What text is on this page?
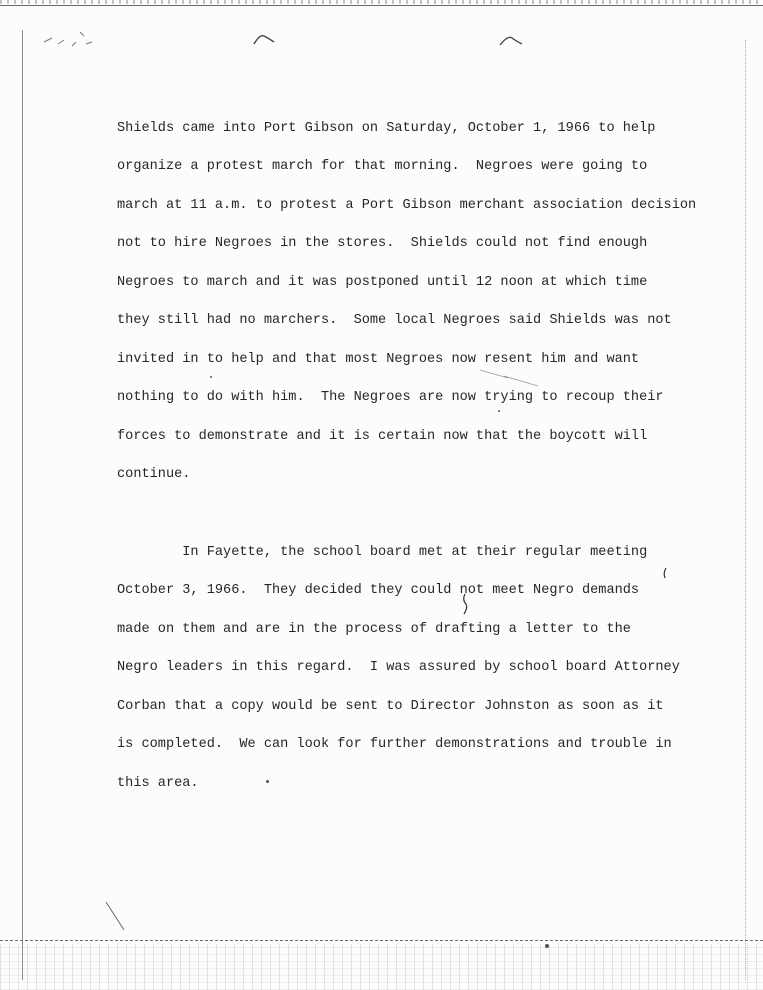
Shields came into Port Gibson on Saturday, October 1, 1966 to help

organize a protest march for that morning.  Negroes were going to

march at 11 a.m. to protest a Port Gibson merchant association decision

not to hire Negroes in the stores.  Shields could not find enough

Negroes to march and it was postponed until 12 noon at which time

they still had no marchers.  Some local Negroes said Shields was not

invited in to help and that most Negroes now resent him and want

nothing to do with him.  The Negroes are now trying to recoup their

forces to demonstrate and it is certain now that the boycott will

continue.

In Fayette, the school board met at their regular meeting

October 3, 1966.  They decided they could not meet Negro demands

made on them and are in the process of drafting a letter to the

Negro leaders in this regard.  I was assured by school board Attorney

Corban that a copy would be sent to Director Johnston as soon as it

is completed.  We can look for further demonstrations and trouble in

this area.
